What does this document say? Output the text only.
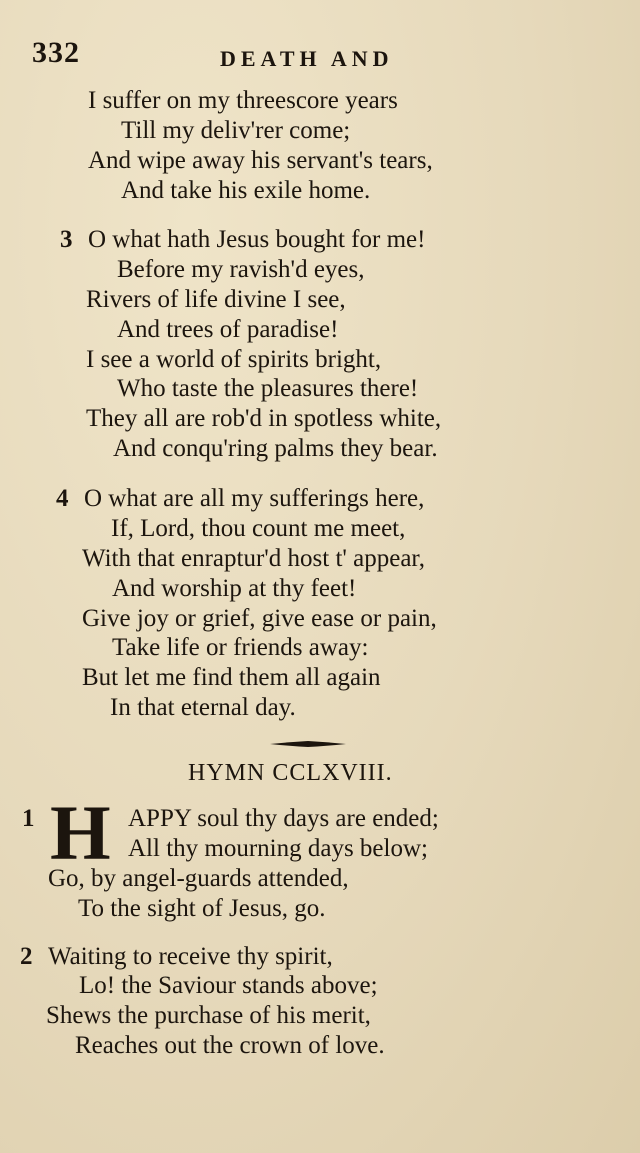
332	DEATH AND
I suffer on my threescore years
Till my deliv'rer come;
And wipe away his servant's tears,
And take his exile home.
3 O what hath Jesus bought for me!
Before my ravish'd eyes,
Rivers of life divine I see,
And trees of paradise!
I see a world of spirits bright,
Who taste the pleasures there!
They all are rob'd in spotless white,
And conqu'ring palms they bear.
4 O what are all my sufferings here,
If, Lord, thou count me meet,
With that enraptur'd host t' appear,
And worship at thy feet!
Give joy or grief, give ease or pain,
Take life or friends away:
But let me find them all again
In that eternal day.
HYMN CCLXVIII.
1 H APPY soul thy days are ended;
All thy mourning days below;
Go, by angel-guards attended,
To the sight of Jesus, go.
2 Waiting to receive thy spirit,
Lo! the Saviour stands above;
Shews the purchase of his merit,
Reaches out the crown of love.
